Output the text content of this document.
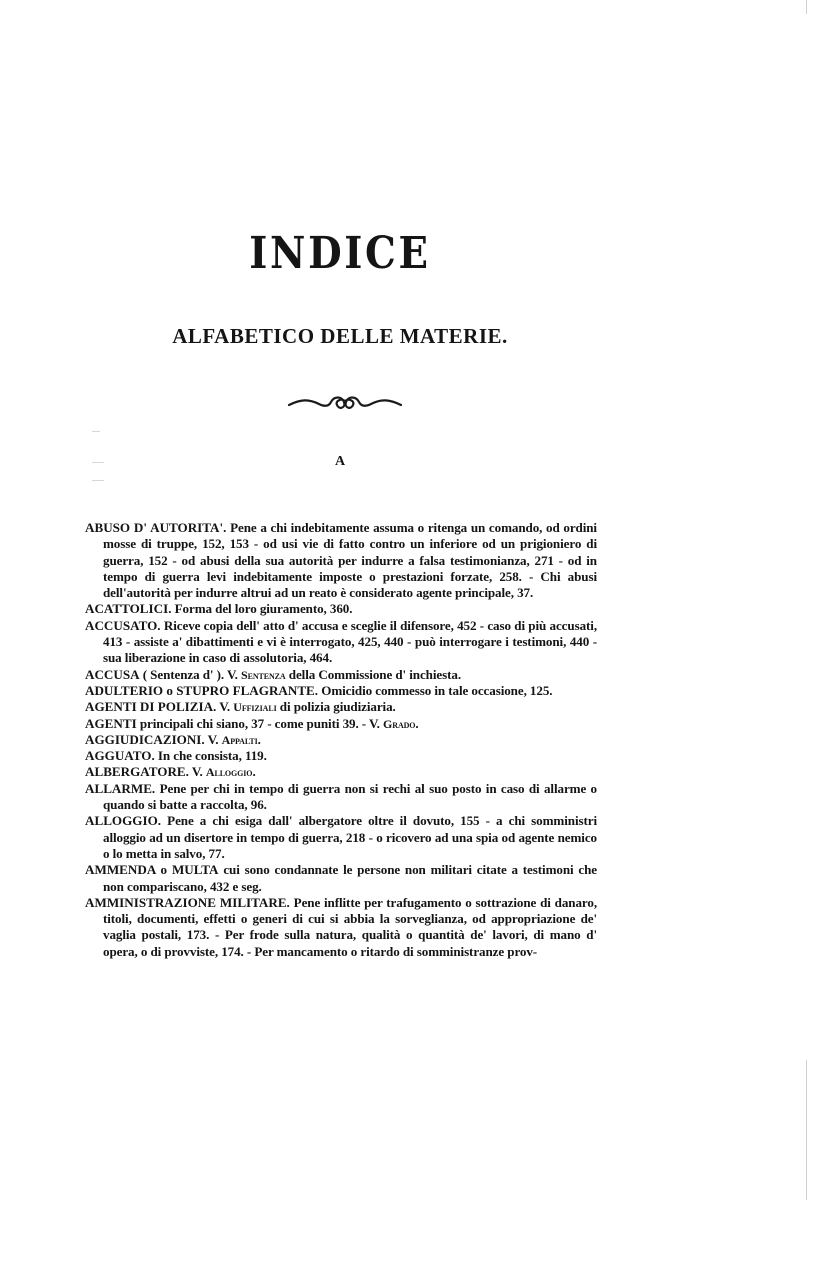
INDICE
ALFABETICO DELLE MATERIE.
A

ABUSO D' AUTORITA'. Pene a chi indebitamente assuma o ritenga un comando, od ordini mosse di truppe, 152, 153 - od usi vie di fatto contro un inferiore od un prigioniero di guerra, 152 - od abusi della sua autorità per indurre a falsa testimonianza, 271 - od in tempo di guerra levi indebitamente imposte o prestazioni forzate, 258. - Chi abusi dell'autorità per indurre altrui ad un reato è considerato agente principale, 37.

ACATTOLICI. Forma del loro giuramento, 360.

ACCUSATO. Riceve copia dell' atto d' accusa e sceglie il difensore, 452 - caso di più accusati, 413 - assiste a' dibattimenti e vi è interrogato, 425, 440 - può interrogare i testimoni, 440 - sua liberazione in caso di assolutoria, 464.

ACCUSA ( Sentenza d' ). V. Sentenza della Commissione d' inchiesta.

ADULTERIO o STUPRO FLAGRANTE. Omicidio commesso in tale occasione, 125.

AGENTI DI POLIZIA. V. Uffiziali di polizia giudiziaria.

AGENTI principali chi siano, 37 - come puniti 39. - V. Grado.

AGGIUDICAZIONI. V. Appalti.

AGGUATO. In che consista, 119.

ALBERGATORE. V. Alloggio.

ALLARME. Pene per chi in tempo di guerra non si rechi al suo posto in caso di allarme o quando si batte a raccolta, 96.

ALLOGGIO. Pene a chi esiga dall' albergatore oltre il dovuto, 155 - a chi somministri alloggio ad un disertore in tempo di guerra, 218 - o ricovero ad una spia od agente nemico o lo metta in salvo, 77.

AMMENDA o MULTA cui sono condannate le persone non militari citate a testimoni che non compariscano, 432 e seg.

AMMINISTRAZIONE MILITARE. Pene inflitte per trafugamento o sottrazione di danaro, titoli, documenti, effetti o generi di cui si abbia la sorveglianza, od appropriazione de' vaglia postali, 173. - Per frode sulla natura, qualità o quantità de' lavori, di mano d' opera, o di provviste, 174. - Per mancamento o ritardo di somministranze prov-
